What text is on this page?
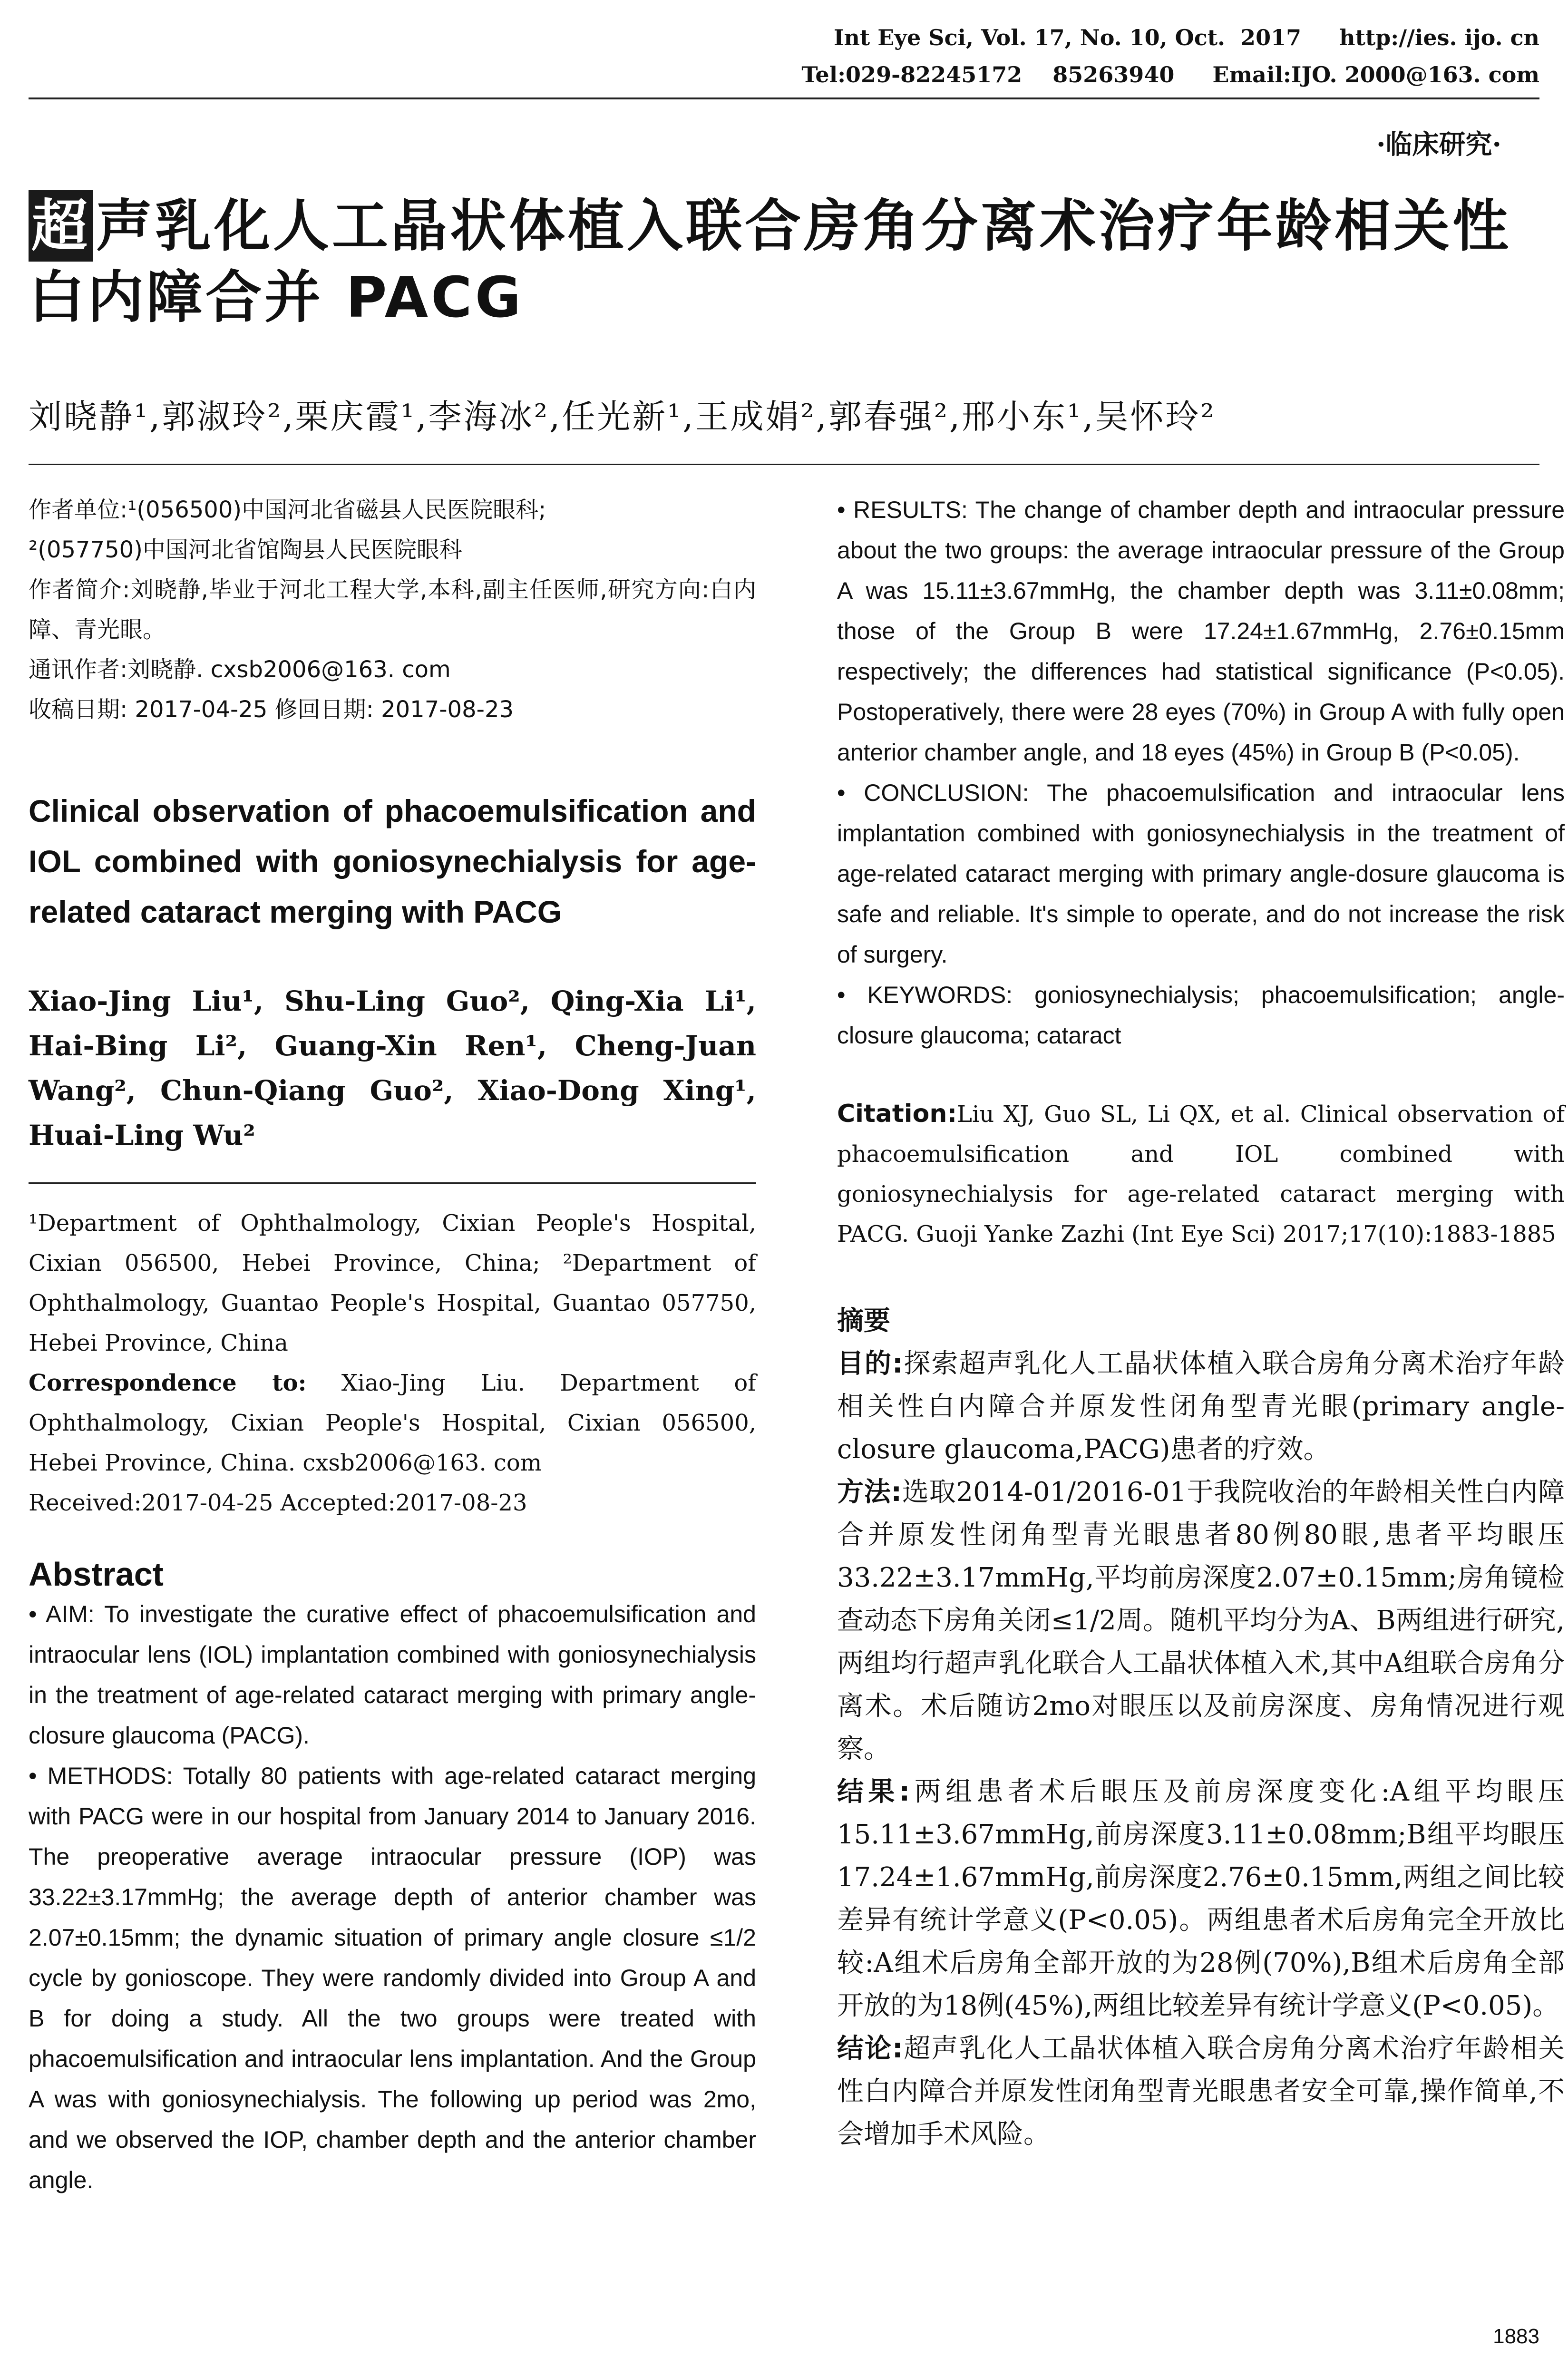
Int Eye Sci, Vol. 17, No. 10, Oct.  2017     http://ies. ijo. cn
Tel:029-82245172    85263940     Email:IJO. 2000@163. com
·临床研究·
超 声乳化人工晶状体植入联合房角分离术治疗年龄相关性白内障合并 PACG
刘晓静¹,郭淑玲²,栗庆霞¹,李海冰²,任光新¹,王成娟²,郭春强²,邢小东¹,吴怀玲²
作者单位:¹(056500)中国河北省磁县人民医院眼科;
²(057750)中国河北省馆陶县人民医院眼科
作者简介:刘晓静,毕业于河北工程大学,本科,副主任医师,研究方向:白内障、青光眼。
通讯作者:刘晓静. cxsb2006@163. com
收稿日期: 2017-04-25 修回日期: 2017-08-23
Clinical observation of phacoemulsification and IOL combined with goniosynechialysis for age-related cataract merging with PACG
Xiao-Jing Liu¹, Shu-Ling Guo², Qing-Xia Li¹, Hai-Bing Li², Guang-Xin Ren¹, Cheng-Juan Wang², Chun-Qiang Guo², Xiao-Dong Xing¹, Huai-Ling Wu²
¹Department of Ophthalmology, Cixian People's Hospital, Cixian 056500, Hebei Province, China; ²Department of Ophthalmology, Guantao People's Hospital, Guantao 057750, Hebei Province, China
Correspondence to: Xiao-Jing Liu. Department of Ophthalmology, Cixian People's Hospital, Cixian 056500, Hebei Province, China. cxsb2006@163. com
Received:2017-04-25 Accepted:2017-08-23
Abstract

• AIM: To investigate the curative effect of phacoemulsification and intraocular lens (IOL) implantation combined with goniosynechialysis in the treatment of age-related cataract merging with primary angle-closure glaucoma (PACG).

• METHODS: Totally 80 patients with age-related cataract merging with PACG were in our hospital from January 2014 to January 2016. The preoperative average intraocular pressure (IOP) was 33.22±3.17mmHg; the average depth of anterior chamber was 2.07±0.15mm; the dynamic situation of primary angle closure ≤1/2 cycle by gonioscope. They were randomly divided into Group A and B for doing a study. All the two groups were treated with phacoemulsification and intraocular lens implantation. And the Group A was with goniosynechialysis. The following up period was 2mo, and we observed the IOP, chamber depth and the anterior chamber angle.

• RESULTS: The change of chamber depth and intraocular pressure about the two groups: the average intraocular pressure of the Group A was 15.11±3.67mmHg, the chamber depth was 3.11±0.08mm; those of the Group B were 17.24±1.67mmHg, 2.76±0.15mm respectively; the differences had statistical significance (P<0.05). Postoperatively, there were 28 eyes (70%) in Group A with fully open anterior chamber angle, and 18 eyes (45%) in Group B (P<0.05).

• CONCLUSION: The phacoemulsification and intraocular lens implantation combined with goniosynechialysis in the treatment of age-related cataract merging with primary angle-dosure glaucoma is safe and reliable. It's simple to operate, and do not increase the risk of surgery.

• KEYWORDS: goniosynechialysis; phacoemulsification; angle-closure glaucoma; cataract

Citation:Liu XJ, Guo SL, Li QX, et al. Clinical observation of phacoemulsification and IOL combined with goniosynechialysis for age-related cataract merging with PACG. Guoji Yanke Zazhi (Int Eye Sci) 2017;17(10):1883-1885
摘要
目的:探索超声乳化人工晶状体植入联合房角分离术治疗年龄相关性白内障合并原发性闭角型青光眼(primary angle-closure glaucoma,PACG)患者的疗效。
方法:选取2014-01/2016-01于我院收治的年龄相关性白内障合并原发性闭角型青光眼患者80例80眼,患者平均眼压33.22±3.17mmHg,平均前房深度2.07±0.15mm;房角镜检查动态下房角关闭≤1/2周。随机平均分为A、B两组进行研究,两组均行超声乳化联合人工晶状体植入术,其中A组联合房角分离术。术后随访2mo对眼压以及前房深度、房角情况进行观察。
结果:两组患者术后眼压及前房深度变化:A组平均眼压15.11±3.67mmHg,前房深度3.11±0.08mm;B组平均眼压17.24±1.67mmHg,前房深度2.76±0.15mm,两组之间比较差异有统计学意义(P<0.05)。两组患者术后房角完全开放比较:A组术后房角全部开放的为28例(70%),B组术后房角全部开放的为18例(45%),两组比较差异有统计学意义(P<0.05)。
结论:超声乳化人工晶状体植入联合房角分离术治疗年龄相关性白内障合并原发性闭角型青光眼患者安全可靠,操作简单,不会增加手术风险。
1883
